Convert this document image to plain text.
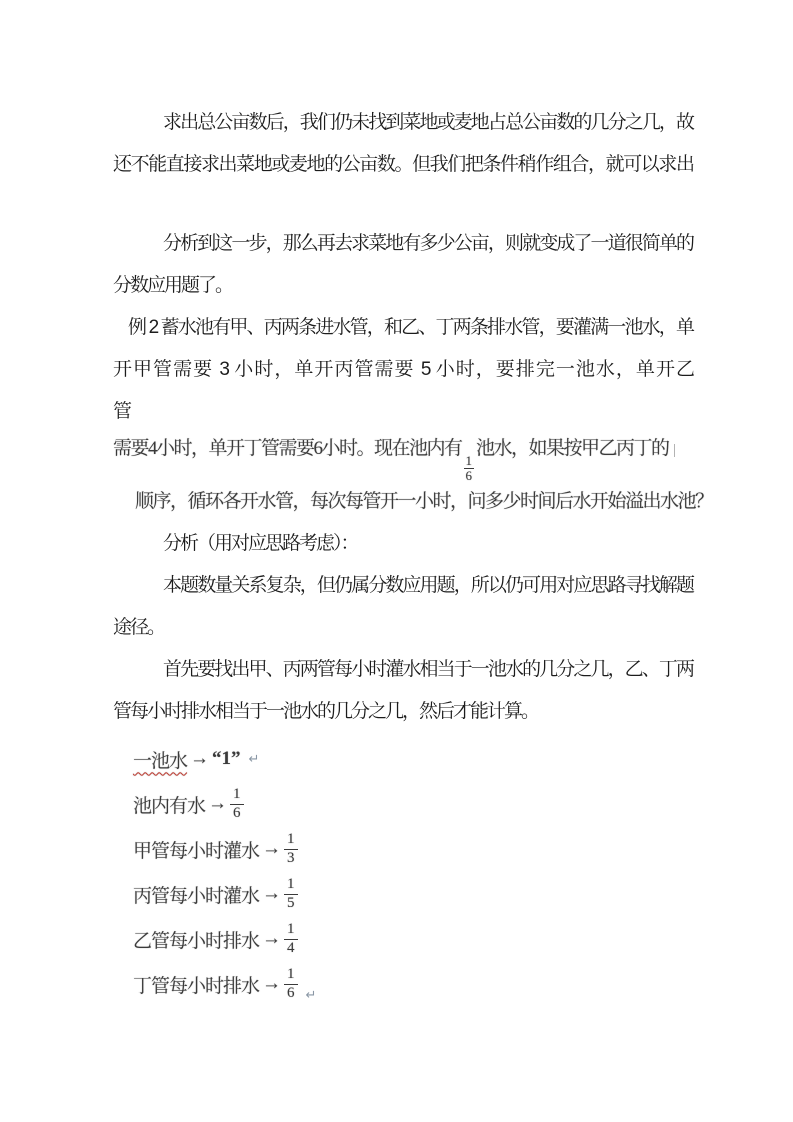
求出总公亩数后，我们仍未找到菜地或麦地占总公亩数的几分之几，故
还不能直接求出菜地或麦地的公亩数。但我们把条件稍作组合，就可以求出
分析到这一步，那么再去求菜地有多少公亩，则就变成了一道很简单的
分数应用题了。
例 2 蓄水池有甲、丙两条进水管，和乙、丁两条排水管，要灌满一池水，单
开甲管需要 3 小时，单开丙管需要 5 小时，要排完一池水，单开乙
管
需要4小时，单开丁管需要6小时。现在池内有
$\frac{1}{6}$
池水，如果按甲乙丙丁的
顺序，循环各开水管，每次每管开一小时，问多少时间后水开始溢出水池？
分析（用对应思路考虑）：
本题数量关系复杂，但仍属分数应用题，所以仍可用对应思路寻找解题
途径。
首先要找出甲、丙两管每小时灌水相当于一池水的几分之几，乙、丁两
管每小时排水相当于一池水的几分之几，然后才能计算。
一池水 → “1” ↵
池内有水 → $\frac{1}{6}$
甲管每小时灌水 → $\frac{1}{3}$
丙管每小时灌水 → $\frac{1}{5}$
乙管每小时排水 → $\frac{1}{4}$
丁管每小时排水 → $\frac{1}{6}$ ↵
